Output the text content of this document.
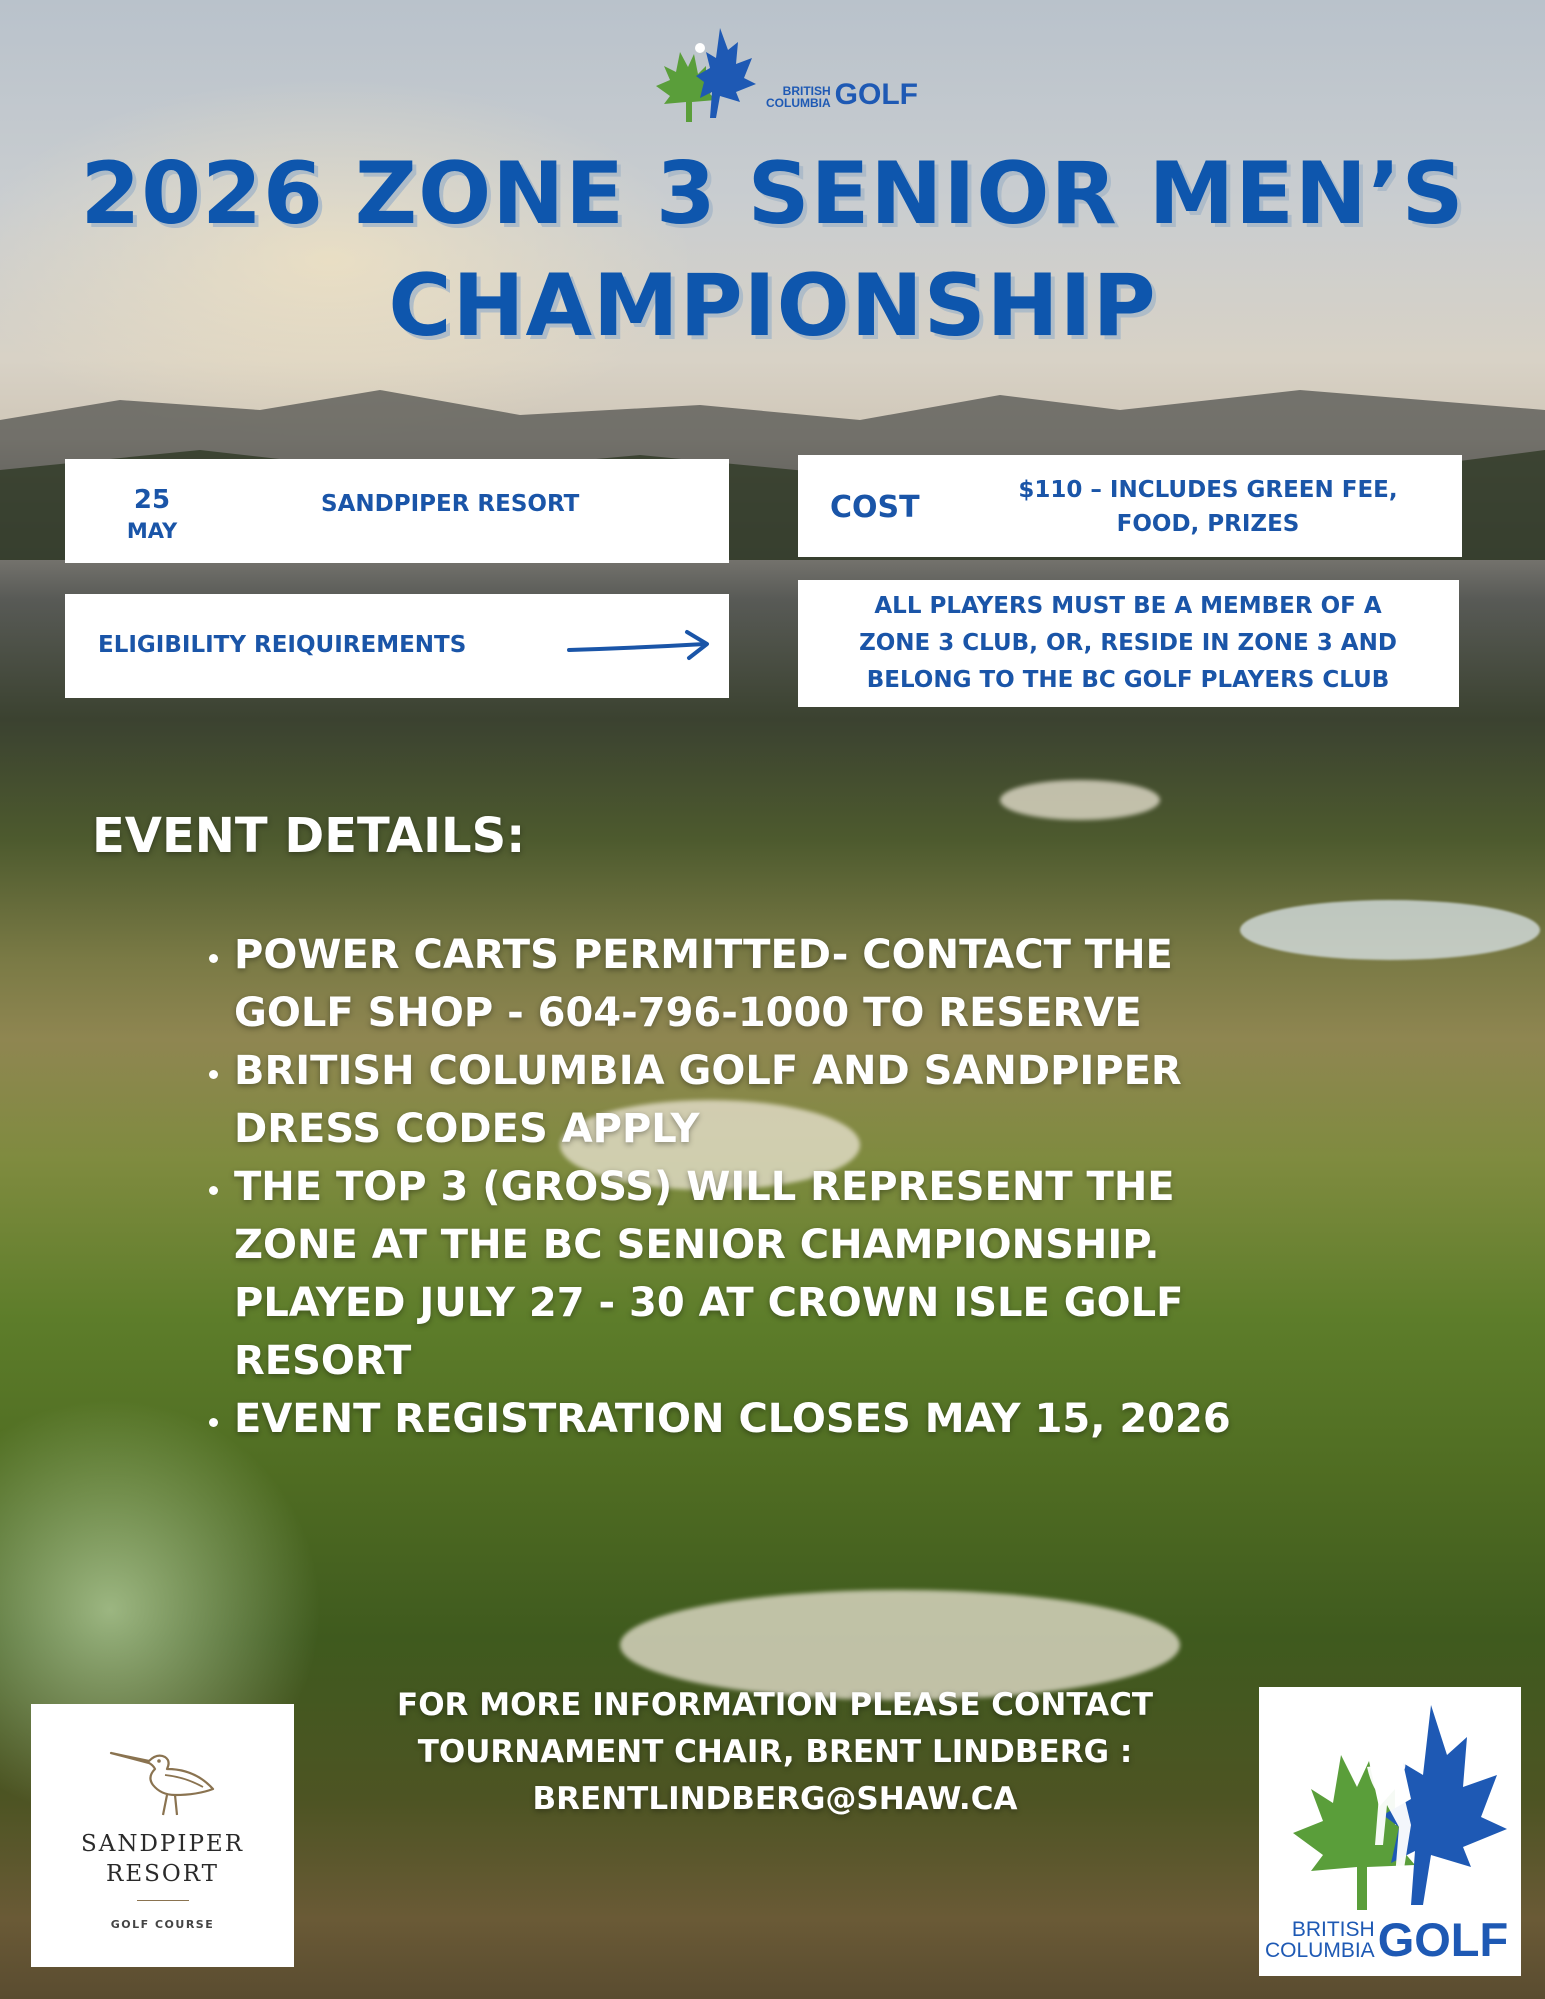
BRITISH
COLUMBIA GOLF
2026 ZONE 3 SENIOR MEN’S
CHAMPIONSHIP
25
MAY
SANDPIPER RESORT	COST	$110 – INCLUDES GREEN FEE,
FOOD, PRIZES
ELIGIBILITY REIQUIREMENTS
ALL PLAYERS MUST BE A MEMBER OF A
ZONE 3 CLUB, OR, RESIDE IN ZONE 3 AND
BELONG TO THE BC GOLF PLAYERS CLUB
EVENT DETAILS:
• POWER CARTS PERMITTED- CONTACT THE
GOLF SHOP - 604-796-1000 TO RESERVE
• BRITISH COLUMBIA GOLF AND SANDPIPER
DRESS CODES APPLY
• THE TOP 3 (GROSS) WILL REPRESENT THE
ZONE AT THE BC SENIOR CHAMPIONSHIP.
PLAYED JULY 27 - 30 AT CROWN ISLE GOLF
RESORT
• EVENT REGISTRATION CLOSES MAY 15, 2026
FOR MORE INFORMATION PLEASE CONTACT
TOURNAMENT CHAIR, BRENT LINDBERG :
BRENTLINDBERG@SHAW.CA
SANDPIPER
RESORT
GOLF COURSE	BRITISH
COLUMBIA GOLF
